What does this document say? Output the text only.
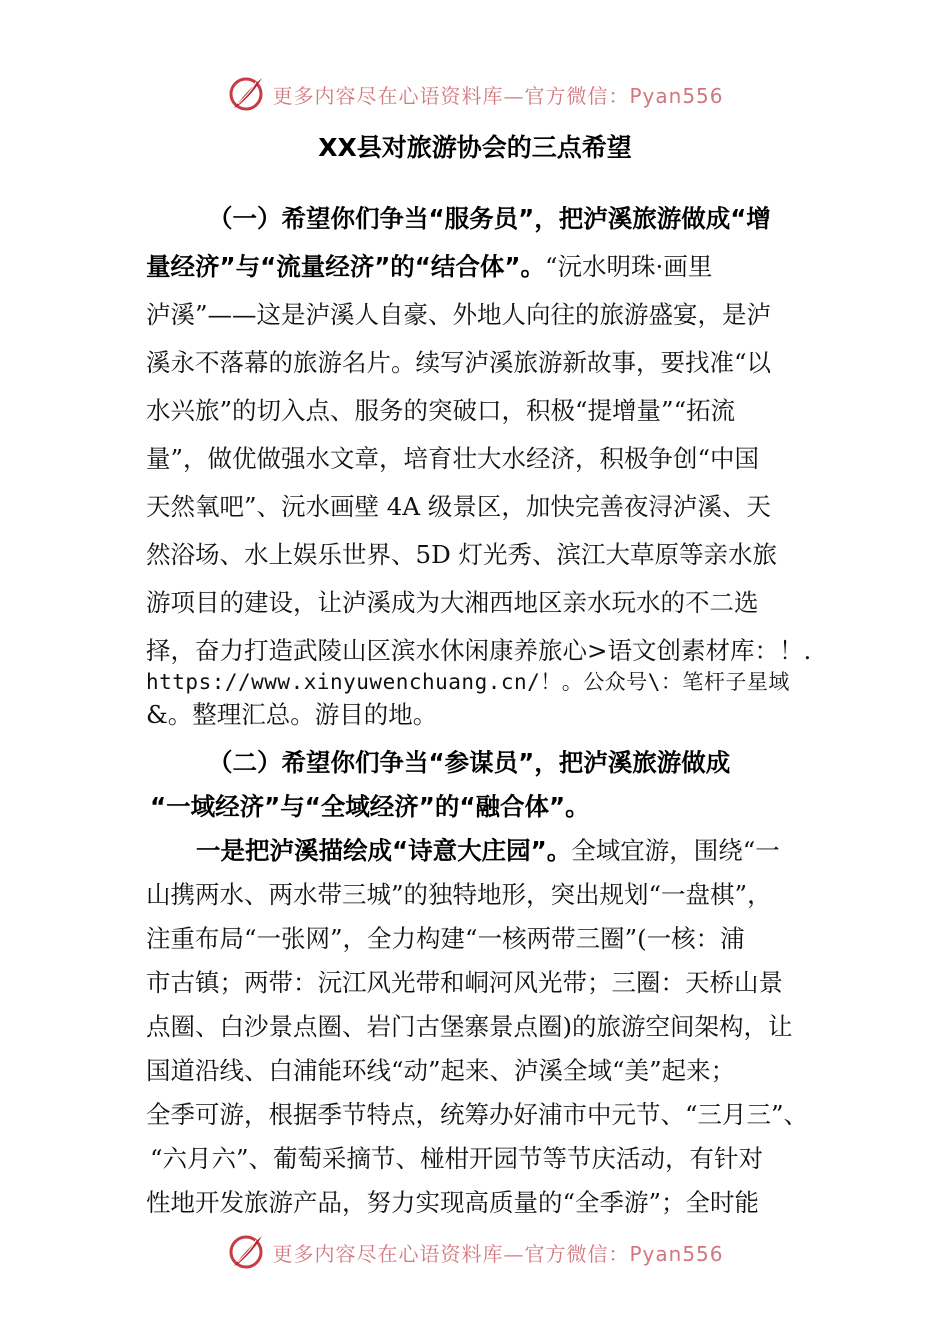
更多内容尽在心语资料库—官方微信：Pyan556
XX县对旅游协会的三点希望
（一）希望你们争当“服务员”，把泸溪旅游做成“增
量经济”与“流量经济”的“结合体”。“沅水明珠·画里
泸溪”——这是泸溪人自豪、外地人向往的旅游盛宴，是泸
溪永不落幕的旅游名片。续写泸溪旅游新故事，要找准“以
水兴旅”的切入点、服务的突破口，积极“提增量”“拓流
量”，做优做强水文章，培育壮大水经济，积极争创“中国
天然氧吧”、沅水画壁 4A 级景区，加快完善夜浔泸溪、天
然浴场、水上娱乐世界、5D 灯光秀、滨江大草原等亲水旅
游项目的建设，让泸溪成为大湘西地区亲水玩水的不二选
择，奋力打造武陵山区滨水休闲康养旅心>语文创素材库：！.
https://www.xinyuwenchuang.cn/！。公众号\：笔杆子星域
&。整理汇总。游目的地。
（二）希望你们争当“参谋员”，把泸溪旅游做成
“一域经济”与“全域经济”的“融合体”。
一是把泸溪描绘成“诗意大庄园”。全域宜游，围绕“一
山携两水、两水带三城”的独特地形，突出规划“一盘棋”，
注重布局“一张网”，全力构建“一核两带三圈”(一核：浦
市古镇；两带：沅江风光带和峒河风光带；三圈：天桥山景
点圈、白沙景点圈、岩门古堡寨景点圈)的旅游空间架构，让
国道沿线、白浦能环线“动”起来、泸溪全域“美”起来；
全季可游，根据季节特点，统筹办好浦市中元节、“三月三”、
“六月六”、葡萄采摘节、椪柑开园节等节庆活动，有针对
性地开发旅游产品，努力实现高质量的“全季游”；全时能
更多内容尽在心语资料库—官方微信：Pyan556
